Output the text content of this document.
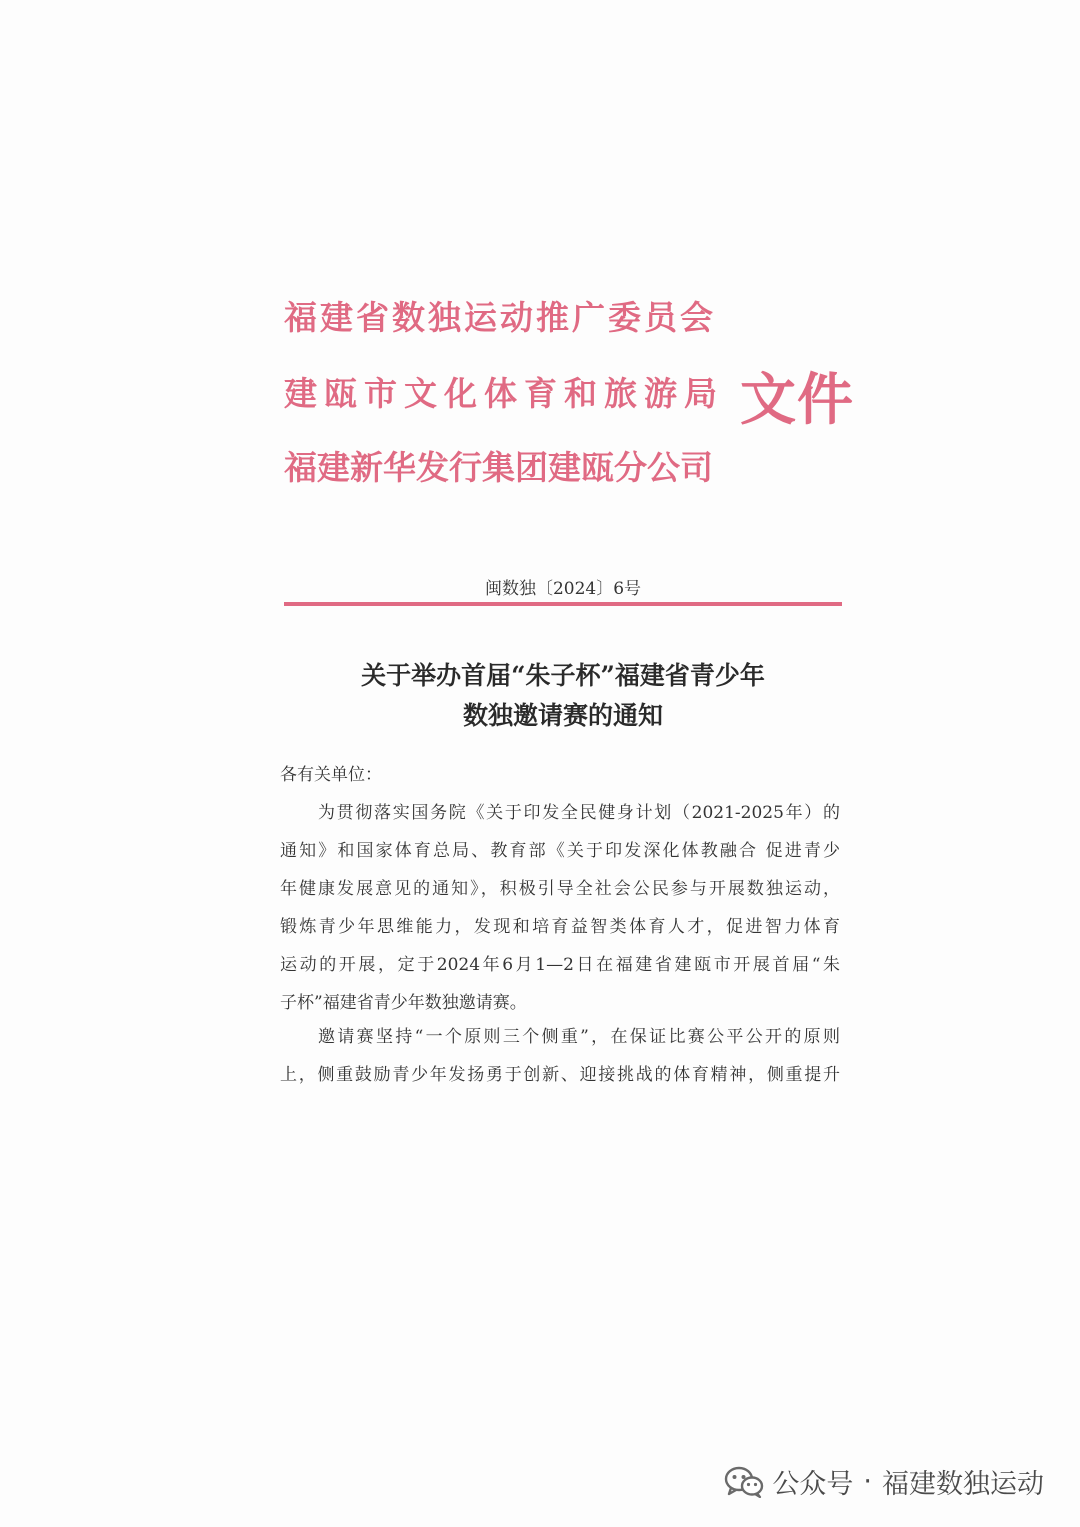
福建省数独运动推广委员会
建瓯市文化体育和旅游局
福建新华发行集团建瓯分公司
文件
闽数独〔2024〕6号
关于举办首届“朱子杯”福建省青少年
数独邀请赛的通知
各有关单位：
为贯彻落实国务院《关于印发全民健身计划（2021-2025年）的
通知》和国家体育总局、教育部《关于印发深化体教融合 促进青少
年健康发展意见的通知》，积极引导全社会公民参与开展数独运动，
锻炼青少年思维能力，发现和培育益智类体育人才，促进智力体育
运动的开展，定于2024年6月1—2日在福建省建瓯市开展首届“朱
子杯”福建省青少年数独邀请赛。
邀请赛坚持“一个原则三个侧重”，在保证比赛公平公开的原则
上，侧重鼓励青少年发扬勇于创新、迎接挑战的体育精神，侧重提升
公众号 · 福建数独运动
